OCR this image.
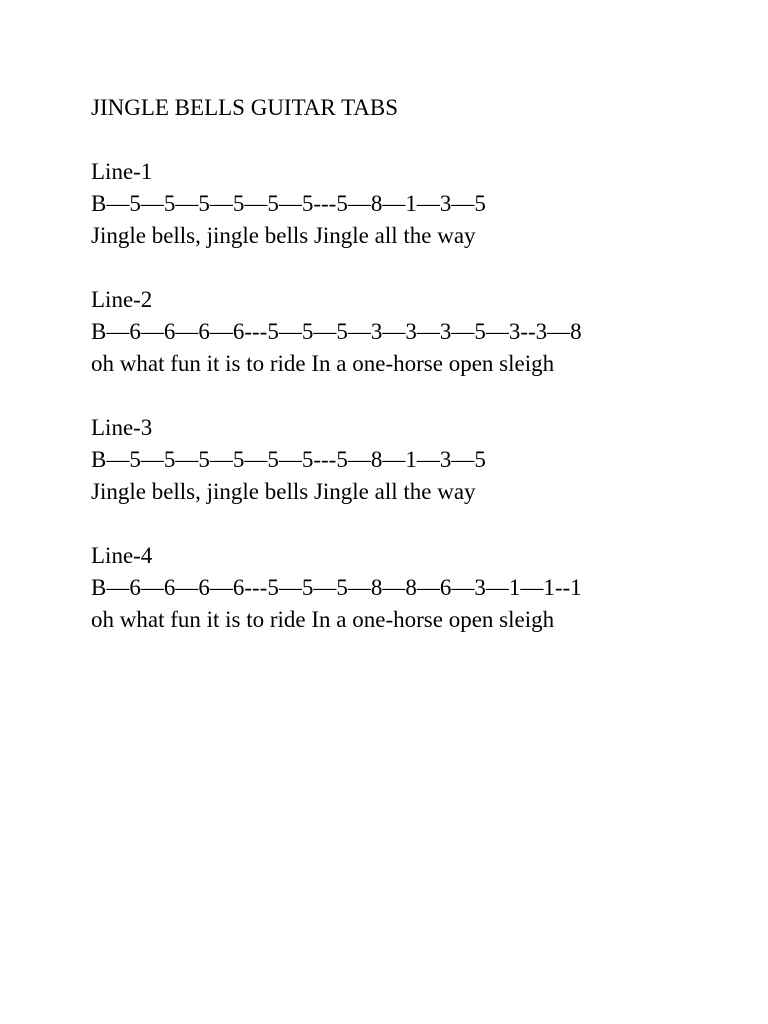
JINGLE BELLS GUITAR TABS
Line-1
B—5—5—5—5—5—5---5—8—1—3—5
Jingle bells, jingle bells Jingle all the way
Line-2
B—6—6—6—6---5—5—5—3—3—3—5—3--3—8
oh what fun it is to ride In a one-horse open sleigh
Line-3
B—5—5—5—5—5—5---5—8—1—3—5
Jingle bells, jingle bells Jingle all the way
Line-4
B—6—6—6—6---5—5—5—8—8—6—3—1—1--1
oh what fun it is to ride In a one-horse open sleigh
